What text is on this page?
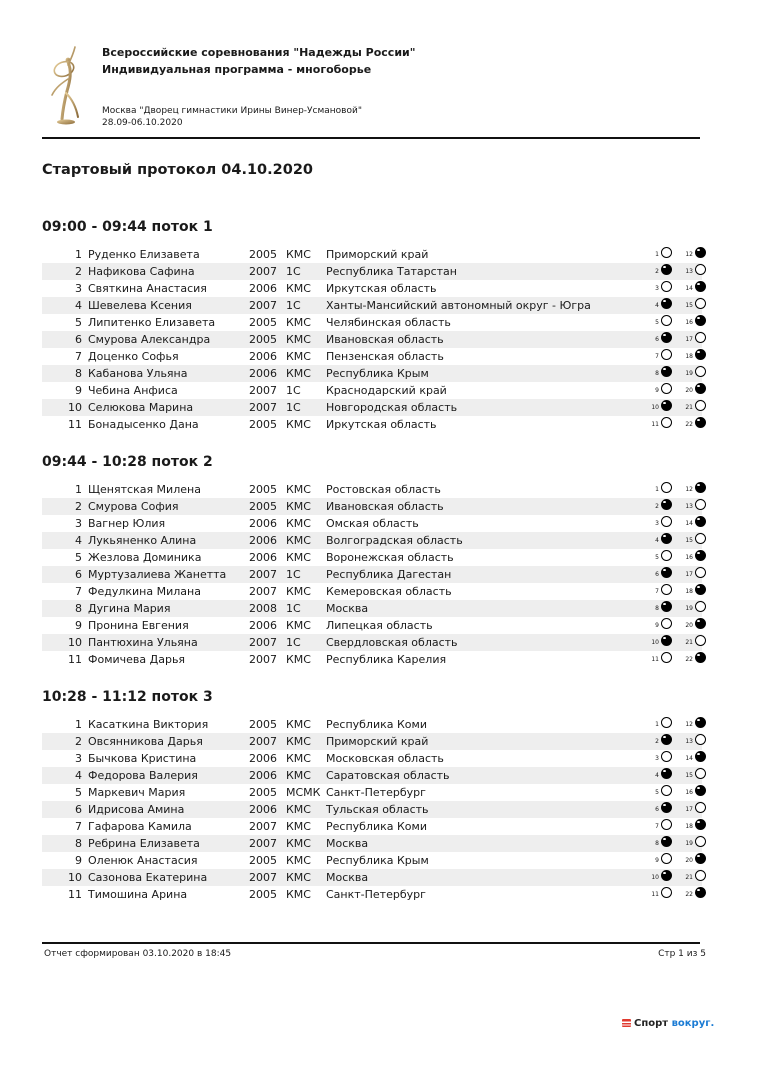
Всероссийские соревнования "Надежды России"
Индивидуальная программа - многоборье
Москва "Дворец гимнастики Ирины Винер-Усмановой"
28.09-06.10.2020
Стартовый протокол 04.10.2020
09:00 - 09:44 поток 1
1 Руденко Елизавета	2005 КМС Приморский край	1	12
2 Нафикова Сафина	2007 1С Республика Татарстан	2	13
3 Святкина Анастасия	2006 КМС Иркутская область	3	14
4 Шевелева Ксения	2007 1С Ханты-Мансийский автономный округ - Югра	4	15
5 Липитенко Елизавета	2005 КМС Челябинская область	5	16
6 Смурова Александра	2005 КМС Ивановская область	6	17
7 Доценко Софья	2006 КМС Пензенская область	7	18
8 Кабанова Ульяна	2006 КМС Республика Крым	8	19
9 Чебина Анфиса	2007 1С Краснодарский край	9	20
10 Селюкова Марина	2007 1С Новгородская область	10	21
11 Бонадысенко Дана	2005 КМС Иркутская область	11	22
09:44 - 10:28 поток 2
1 Щенятская Милена	2005 КМС Ростовская область	1	12
2 Смурова София	2005 КМС Ивановская область	2	13
3 Вагнер Юлия	2006 КМС Омская область	3	14
4 Лукьяненко Алина	2006 КМС Волгоградская область	4	15
5 Жезлова Доминика	2006 КМС Воронежская область	5	16
6 Муртузалиева Жанетта 2007 1С Республика Дагестан	6	17
7 Федулкина Милана	2007 КМС Кемеровская область	7	18
8 Дугина Мария	2008 1С Москва	8	19
9 Пронина Евгения	2006 КМС Липецкая область	9	20
10 Пантюхина Ульяна	2007 1С Свердловская область	10	21
11 Фомичева Дарья	2007 КМС Республика Карелия	11	22
10:28 - 11:12 поток 3
1 Касаткина Виктория	2005 КМС Республика Коми	1	12
2 Овсянникова Дарья	2007 КМС Приморский край	2	13
3 Бычкова Кристина	2006 КМС Московская область	3	14
4 Федорова Валерия	2006 КМС Саратовская область	4	15
5 Маркевич Мария	2005 МСМК Санкт-Петербург	5	16
6 Идрисова Амина	2006 КМС Тульская область	6	17
7 Гафарова Камила	2007 КМС Республика Коми	7	18
8 Ребрина Елизавета	2007 КМС Москва	8	19
9 Оленюк Анастасия	2005 КМС Республика Крым	9	20
10 Сазонова Екатерина	2007 КМС Москва	10	21
11 Тимошина Арина	2005 КМС Санкт-Петербург	11	22
Отчет сформирован 03.10.2020 в 18:45	Стр 1 из 5
Спорт вокруг.
